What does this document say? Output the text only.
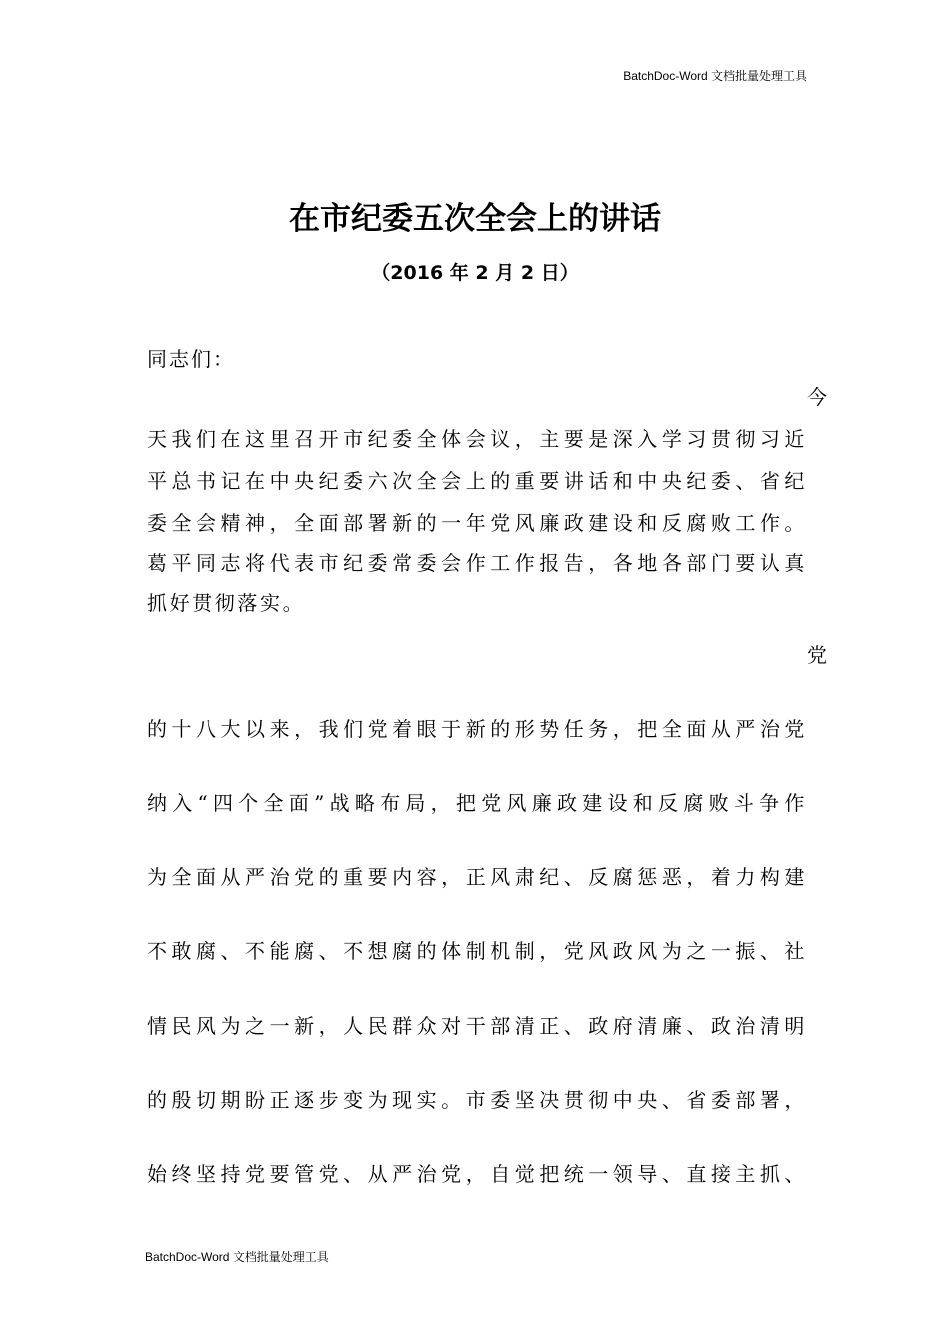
BatchDoc-Word 文档批量处理工具
在市纪委五次全会上的讲话
（2016 年 2 月 2 日）
同志们：
今
天我们在这里召开市纪委全体会议，主要是深入学习贯彻习近
平总书记在中央纪委六次全会上的重要讲话和中央纪委、省纪
委全会精神，全面部署新的一年党风廉政建设和反腐败工作。
葛平同志将代表市纪委常委会作工作报告，各地各部门要认真
抓好贯彻落实。
党
的十八大以来，我们党着眼于新的形势任务，把全面从严治党
纳入“四个全面”战略布局，把党风廉政建设和反腐败斗争作
为全面从严治党的重要内容，正风肃纪、反腐惩恶，着力构建
不敢腐、不能腐、不想腐的体制机制，党风政风为之一振、社
情民风为之一新，人民群众对干部清正、政府清廉、政治清明
的殷切期盼正逐步变为现实。市委坚决贯彻中央、省委部署，
始终坚持党要管党、从严治党，自觉把统一领导、直接主抓、
BatchDoc-Word 文档批量处理工具
